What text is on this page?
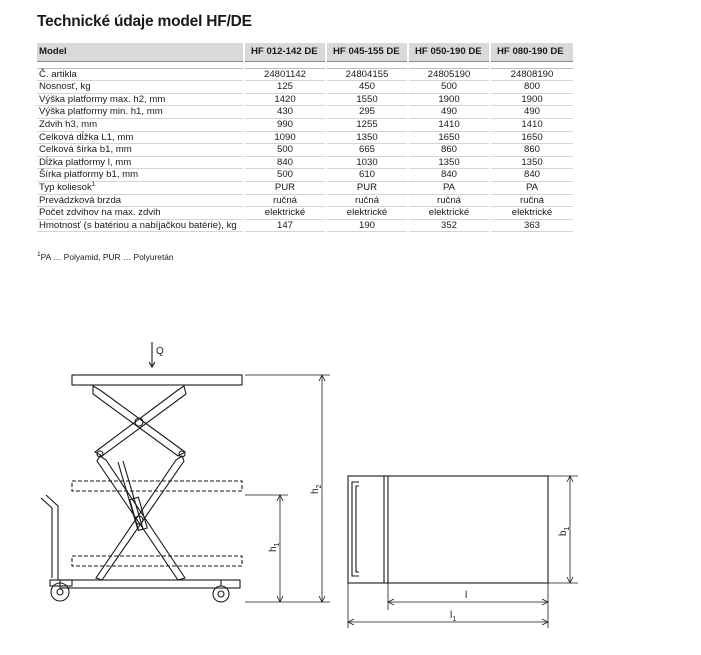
Technické údaje model HF/DE
Model	HF 012-142 DE	HF 045-155 DE	HF 050-190 DE	HF 080-190 DE

Č. artikla	24801142	24804155	24805190	24808190
Nosnosť, kg	125	450	500	800
Výška platformy max. h2, mm	1420	1550	1900	1900
Výška platformy min. h1, mm	430	295	490	490
Zdvih h3, mm	990	1255	1410	1410
Celková dĺžka L1, mm	1090	1350	1650	1650
Celková šírka b1, mm	500	665	860	860
Dĺžka platformy l, mm	840	1030	1350	1350
Šírka platformy b1, mm	500	610	840	840
Typ koliesok$^1$	PUR	PUR	PA	PA
Prevádzková brzda	ručná	ručná	ručná	ručná
Počet zdvihov na max. zdvih	elektrické	elektrické	elektrické	elektrické
Hmotnosť (s batériou a nabíjačkou batérie), kg	147	190	352	363
$^1$PA … Polyamid, PUR … Polyuretán
Q
$h_2$
$h_1$
$b_1$
l
$l_1$
